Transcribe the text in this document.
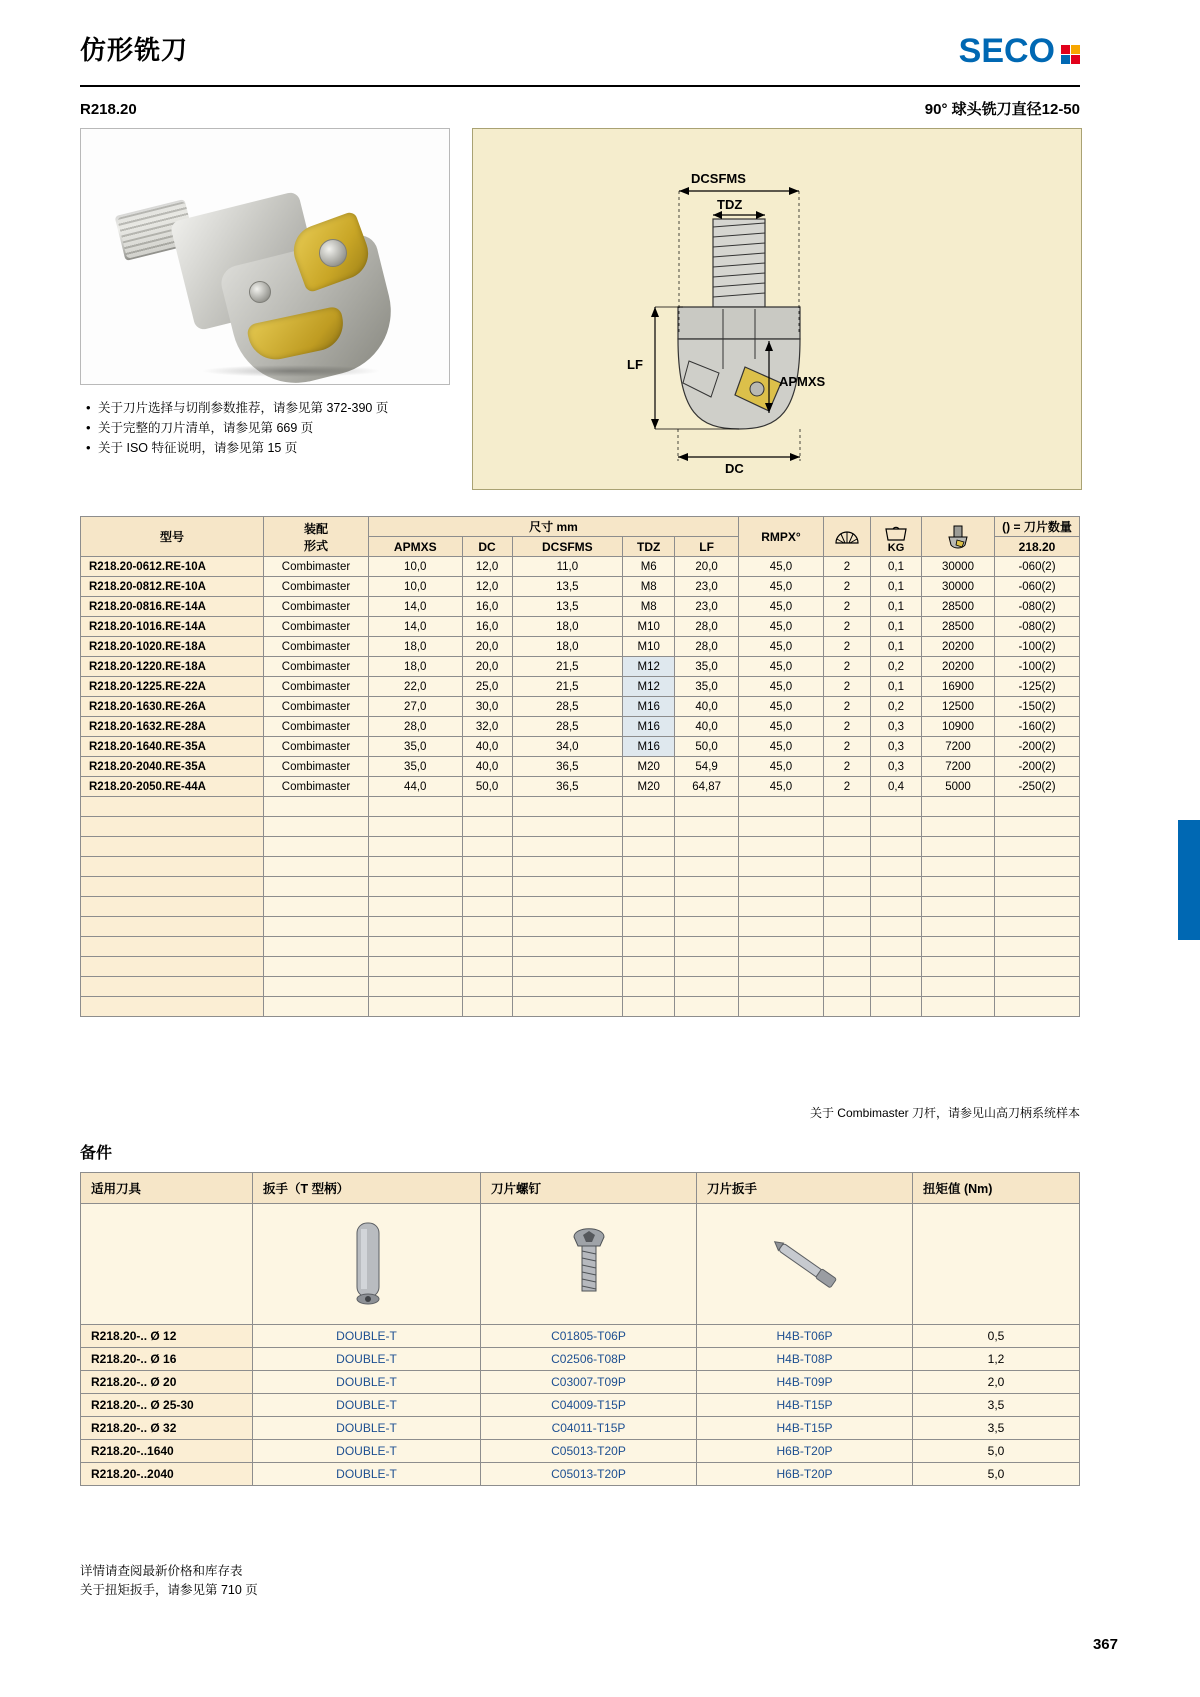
仿形铣刀	SECO
R218.20	90° 球头铣刀直径12-50
• 关于刀片选择与切削参数推荐，请参见第 372-390 页
• 关于完整的刀片清单，请参见第 669 页
• 关于 ISO 特征说明，请参见第 15 页
DCSFMS
TDZ
LF
APMXS
DC
型号	装配
形式	尺寸 mm					RMPX°		KG		() = 刀片数量
		APMXS	DC	DCSFMS	TDZ	LF					
											218.20
R218.20-0612.RE-10A	Combimaster	10,0	12,0	11,0	M6	20,0	45,0	2	0,1	30000	-060(2)
R218.20-0812.RE-10A	Combimaster	10,0	12,0	13,5	M8	23,0	45,0	2	0,1	30000	-060(2)
R218.20-0816.RE-14A	Combimaster	14,0	16,0	13,5	M8	23,0	45,0	2	0,1	28500	-080(2)
R218.20-1016.RE-14A	Combimaster	14,0	16,0	18,0	M10	28,0	45,0	2	0,1	28500	-080(2)
R218.20-1020.RE-18A	Combimaster	18,0	20,0	18,0	M10	28,0	45,0	2	0,1	20200	-100(2)
R218.20-1220.RE-18A	Combimaster	18,0	20,0	21,5	M12	35,0	45,0	2	0,2	20200	-100(2)
R218.20-1225.RE-22A	Combimaster	22,0	25,0	21,5	M12	35,0	45,0	2	0,1	16900	-125(2)
R218.20-1630.RE-26A	Combimaster	27,0	30,0	28,5	M16	40,0	45,0	2	0,2	12500	-150(2)
R218.20-1632.RE-28A	Combimaster	28,0	32,0	28,5	M16	40,0	45,0	2	0,3	10900	-160(2)
R218.20-1640.RE-35A	Combimaster	35,0	40,0	34,0	M16	50,0	45,0	2	0,3	7200	-200(2)
R218.20-2040.RE-35A	Combimaster	35,0	40,0	36,5	M20	54,9	45,0	2	0,3	7200	-200(2)
R218.20-2050.RE-44A	Combimaster	44,0	50,0	36,5	M20	64,87	45,0	2	0,4	5000	-250(2)

关于 Combimaster 刀杆，请参见山高刀柄系统样本
备件
适用刀具	扳手（T 型柄）	刀片螺钉	刀片扳手	扭矩值 (Nm)

R218.20-.. Ø 12	DOUBLE-T	C01805-T06P	H4B-T06P	0,5
R218.20-.. Ø 16	DOUBLE-T	C02506-T08P	H4B-T08P	1,2
R218.20-.. Ø 20	DOUBLE-T	C03007-T09P	H4B-T09P	2,0
R218.20-.. Ø 25-30	DOUBLE-T	C04009-T15P	H4B-T15P	3,5
R218.20-.. Ø 32	DOUBLE-T	C04011-T15P	H4B-T15P	3,5
R218.20-..1640	DOUBLE-T	C05013-T20P	H6B-T20P	5,0
R218.20-..2040	DOUBLE-T	C05013-T20P	H6B-T20P	5,0
详情请查阅最新价格和库存表
关于扭矩扳手，请参见第 710 页
367
